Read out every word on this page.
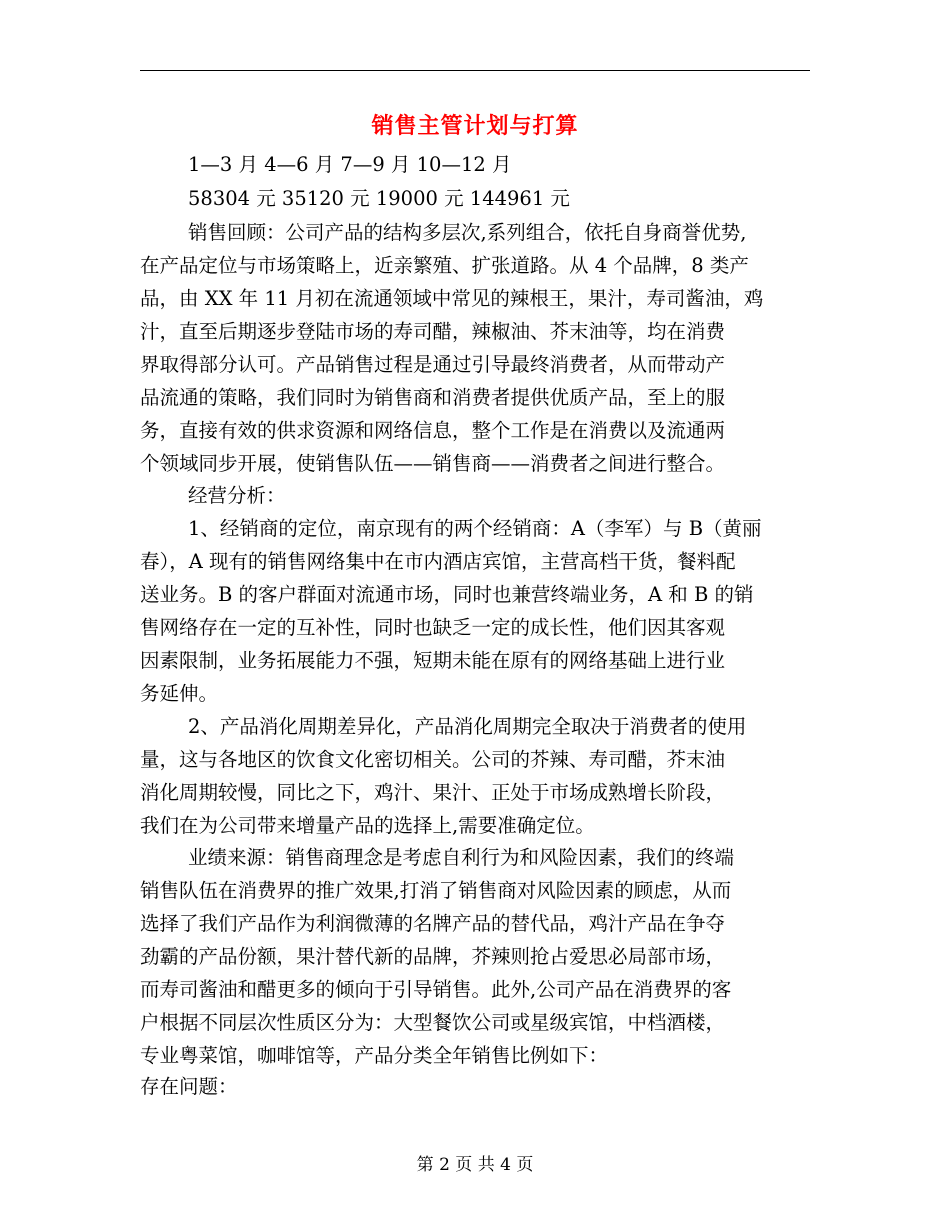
销售主管计划与打算
1—3 月 4—6 月 7—9 月 10—12 月
58304 元 35120 元 19000 元 144961 元
销售回顾：公司产品的结构多层次,系列组合，依托自身商誉优势,
在产品定位与市场策略上，近亲繁殖、扩张道路。从 4 个品牌，8 类产
品，由 XX 年 11 月初在流通领域中常见的辣根王，果汁，寿司酱油，鸡
汁，直至后期逐步登陆市场的寿司醋，辣椒油、芥末油等，均在消费
界取得部分认可。产品销售过程是通过引导最终消费者，从而带动产
品流通的策略，我们同时为销售商和消费者提供优质产品，至上的服
务，直接有效的供求资源和网络信息，整个工作是在消费以及流通两
个领域同步开展，使销售队伍——销售商——消费者之间进行整合。
经营分析：
1、经销商的定位，南京现有的两个经销商：A（李军）与 B（黄丽
春），A 现有的销售网络集中在市内酒店宾馆，主营高档干货，餐料配
送业务。B 的客户群面对流通市场，同时也兼营终端业务，A 和 B 的销
售网络存在一定的互补性，同时也缺乏一定的成长性，他们因其客观
因素限制，业务拓展能力不强，短期未能在原有的网络基础上进行业
务延伸。
2、产品消化周期差异化，产品消化周期完全取决于消费者的使用
量，这与各地区的饮食文化密切相关。公司的芥辣、寿司醋，芥末油
消化周期较慢，同比之下，鸡汁、果汁、正处于市场成熟增长阶段，
我们在为公司带来增量产品的选择上,需要准确定位。
业绩来源：销售商理念是考虑自利行为和风险因素，我们的终端
销售队伍在消费界的推广效果,打消了销售商对风险因素的顾虑，从而
选择了我们产品作为利润微薄的名牌产品的替代品，鸡汁产品在争夺
劲霸的产品份额，果汁替代新的品牌，芥辣则抢占爱思必局部市场，
而寿司酱油和醋更多的倾向于引导销售。此外,公司产品在消费界的客
户根据不同层次性质区分为：大型餐饮公司或星级宾馆，中档酒楼，
专业粤菜馆，咖啡馆等，产品分类全年销售比例如下：
存在问题：
第 2 页 共 4 页
